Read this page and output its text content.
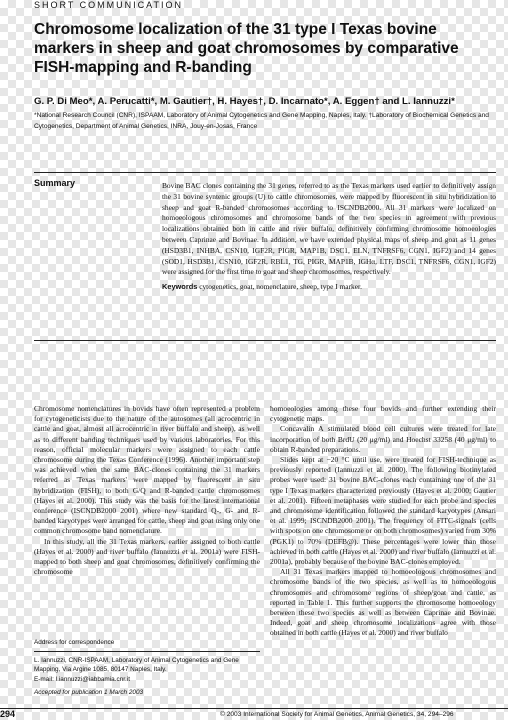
SHORT COMMUNICATION
Chromosome localization of the 31 type I Texas bovine markers in sheep and goat chromosomes by comparative FISH-mapping and R-banding
G. P. Di Meo*, A. Perucatti*, M. Gautier†, H. Hayes†, D. Incarnato*, A. Eggen† and L. Iannuzzi*
*National Research Council (CNR), ISPAAM, Laboratory of Animal Cytogenetics and Gene Mapping, Naples, Italy. †Laboratory of Biochemical Genetics and Cytogenetics, Department of Animal Genetics, INRA, Jouy-en-Josas, France
Summary	Bovine BAC clones containing the 31 genes, referred to as the Texas markers used earlier to definitively assign the 31 bovine syntenic groups (U) to cattle chromosomes, were mapped by fluorescent in situ hybridization to sheep and goat R-banded chromosomes according to ISCNDB2000. All 31 markers were localized on homoeologous chromosomes and chromosome bands of the two species in agreement with previous localizations obtained both in cattle and river buffalo, definitively confirming chromosome homoeologies between Caprinae and Bovinae. In addition, we have extended physical maps of sheep and goat as 11 genes (HSD3B1, INHBA, CSN10, IGF2R, PIGR, MAP1B, DSC1, ELN, TNFRSF6, CGN1, IGF2) and 14 genes (SOD1, HSD3B1, CSN10, IGF2R, RBL1, TG, PIGR, MAP1B, IGHα, LTF, DSC1, TNFRSF6, CGN1, IGF2) were assigned for the first time to goat and sheep chromosomes, respectively.
Keywords cytogenetics, goat, nomenclature, sheep, type I marker.

Chromosome nomenclatures in bovids have often represented a problem for cytogeneticists due to the nature of the autosomes (all acrocentric in cattle and goat, almost all acrocentric in river buffalo and sheep), as well as to different banding techniques used by various laboratories. For this reason, official molecular markers were assigned to each cattle chromosome during the Texas Conference (1996). Another important step was achieved when the same BAC-clones containing the 31 markers referred as 'Texas markers' were mapped by fluorescent in situ hybridization (FISH), to both G/Q and R-banded cattle chromosomes (Hayes et al. 2000). This study was the basis for the latest international conference (ISCNDB2000 2001) where new standard Q-, G- and R-banded karyotypes were arranged for cattle, sheep and goat using only one common chromosome band nomenclature.

In this study, all the 31 Texas markers, earlier assigned to both cattle (Hayes et al. 2000) and river buffalo (Iannuzzi et al. 2001a) were FISH-mapped to both sheep and goat chromosomes, definitively confirming the chromosome

homoeologies among these four bovids and further extending their cytogenetic maps.

Concavalin A stimulated blood cell cultures were treated for late incorporation of both BrdU (20 μg/ml) and Hoechst 33258 (40 μg/ml) to obtain R-banded preparations.

Slides kept at −20 °C until use, were treated for FISH-technique as previously reported (Iannuzzi et al. 2000). The following biotinylated probes were used: 31 bovine BAC-clones each containing one of the 31 type I Texas markers characterized previously (Hayes et al. 2000; Gautier et al. 2001). Fifteen metaphases were studied for each probe and species and chromosome identification followed the standard karyotypes (Ansari et al. 1999; ISCNDB2000 2001). The frequency of FITC-signals (cells with spots on one chromosome or on both chromosomes) varied from 30% (PGK1) to 70% (DEFB@). These percentages were lower than those achieved in both cattle (Hayes et al. 2000) and river buffalo (Iannuzzi et al. 2001a), probably because of the bovine BAC-clones employed.

All 31 Texas markers mapped to homoeologous chromosomes and chromosome bands of the two species, as well as to homoeologous chromosomes and chromosome regions of sheep/goat and cattle, as reported in Table 1. This further supports the chromosome homoeology between these two species as well as between Caprinae and Bovinae. Indeed, goat and sheep chromosome localizations agree with those obtained in both cattle (Hayes et al. 2000) and river buffalo

Address for correspondence
L. Iannuzzi, CNR-ISPAAM, Laboratory of Animal Cytogenetics and Gene Mapping, Via Argine 1085, 80147 Naples, Italy.
E-mail: l.iannuzzi@iabbamia.cnr.it
Accepted for publication 1 March 2003
294	© 2003 International Society for Animal Genetics, Animal Genetics, 34, 294–296
